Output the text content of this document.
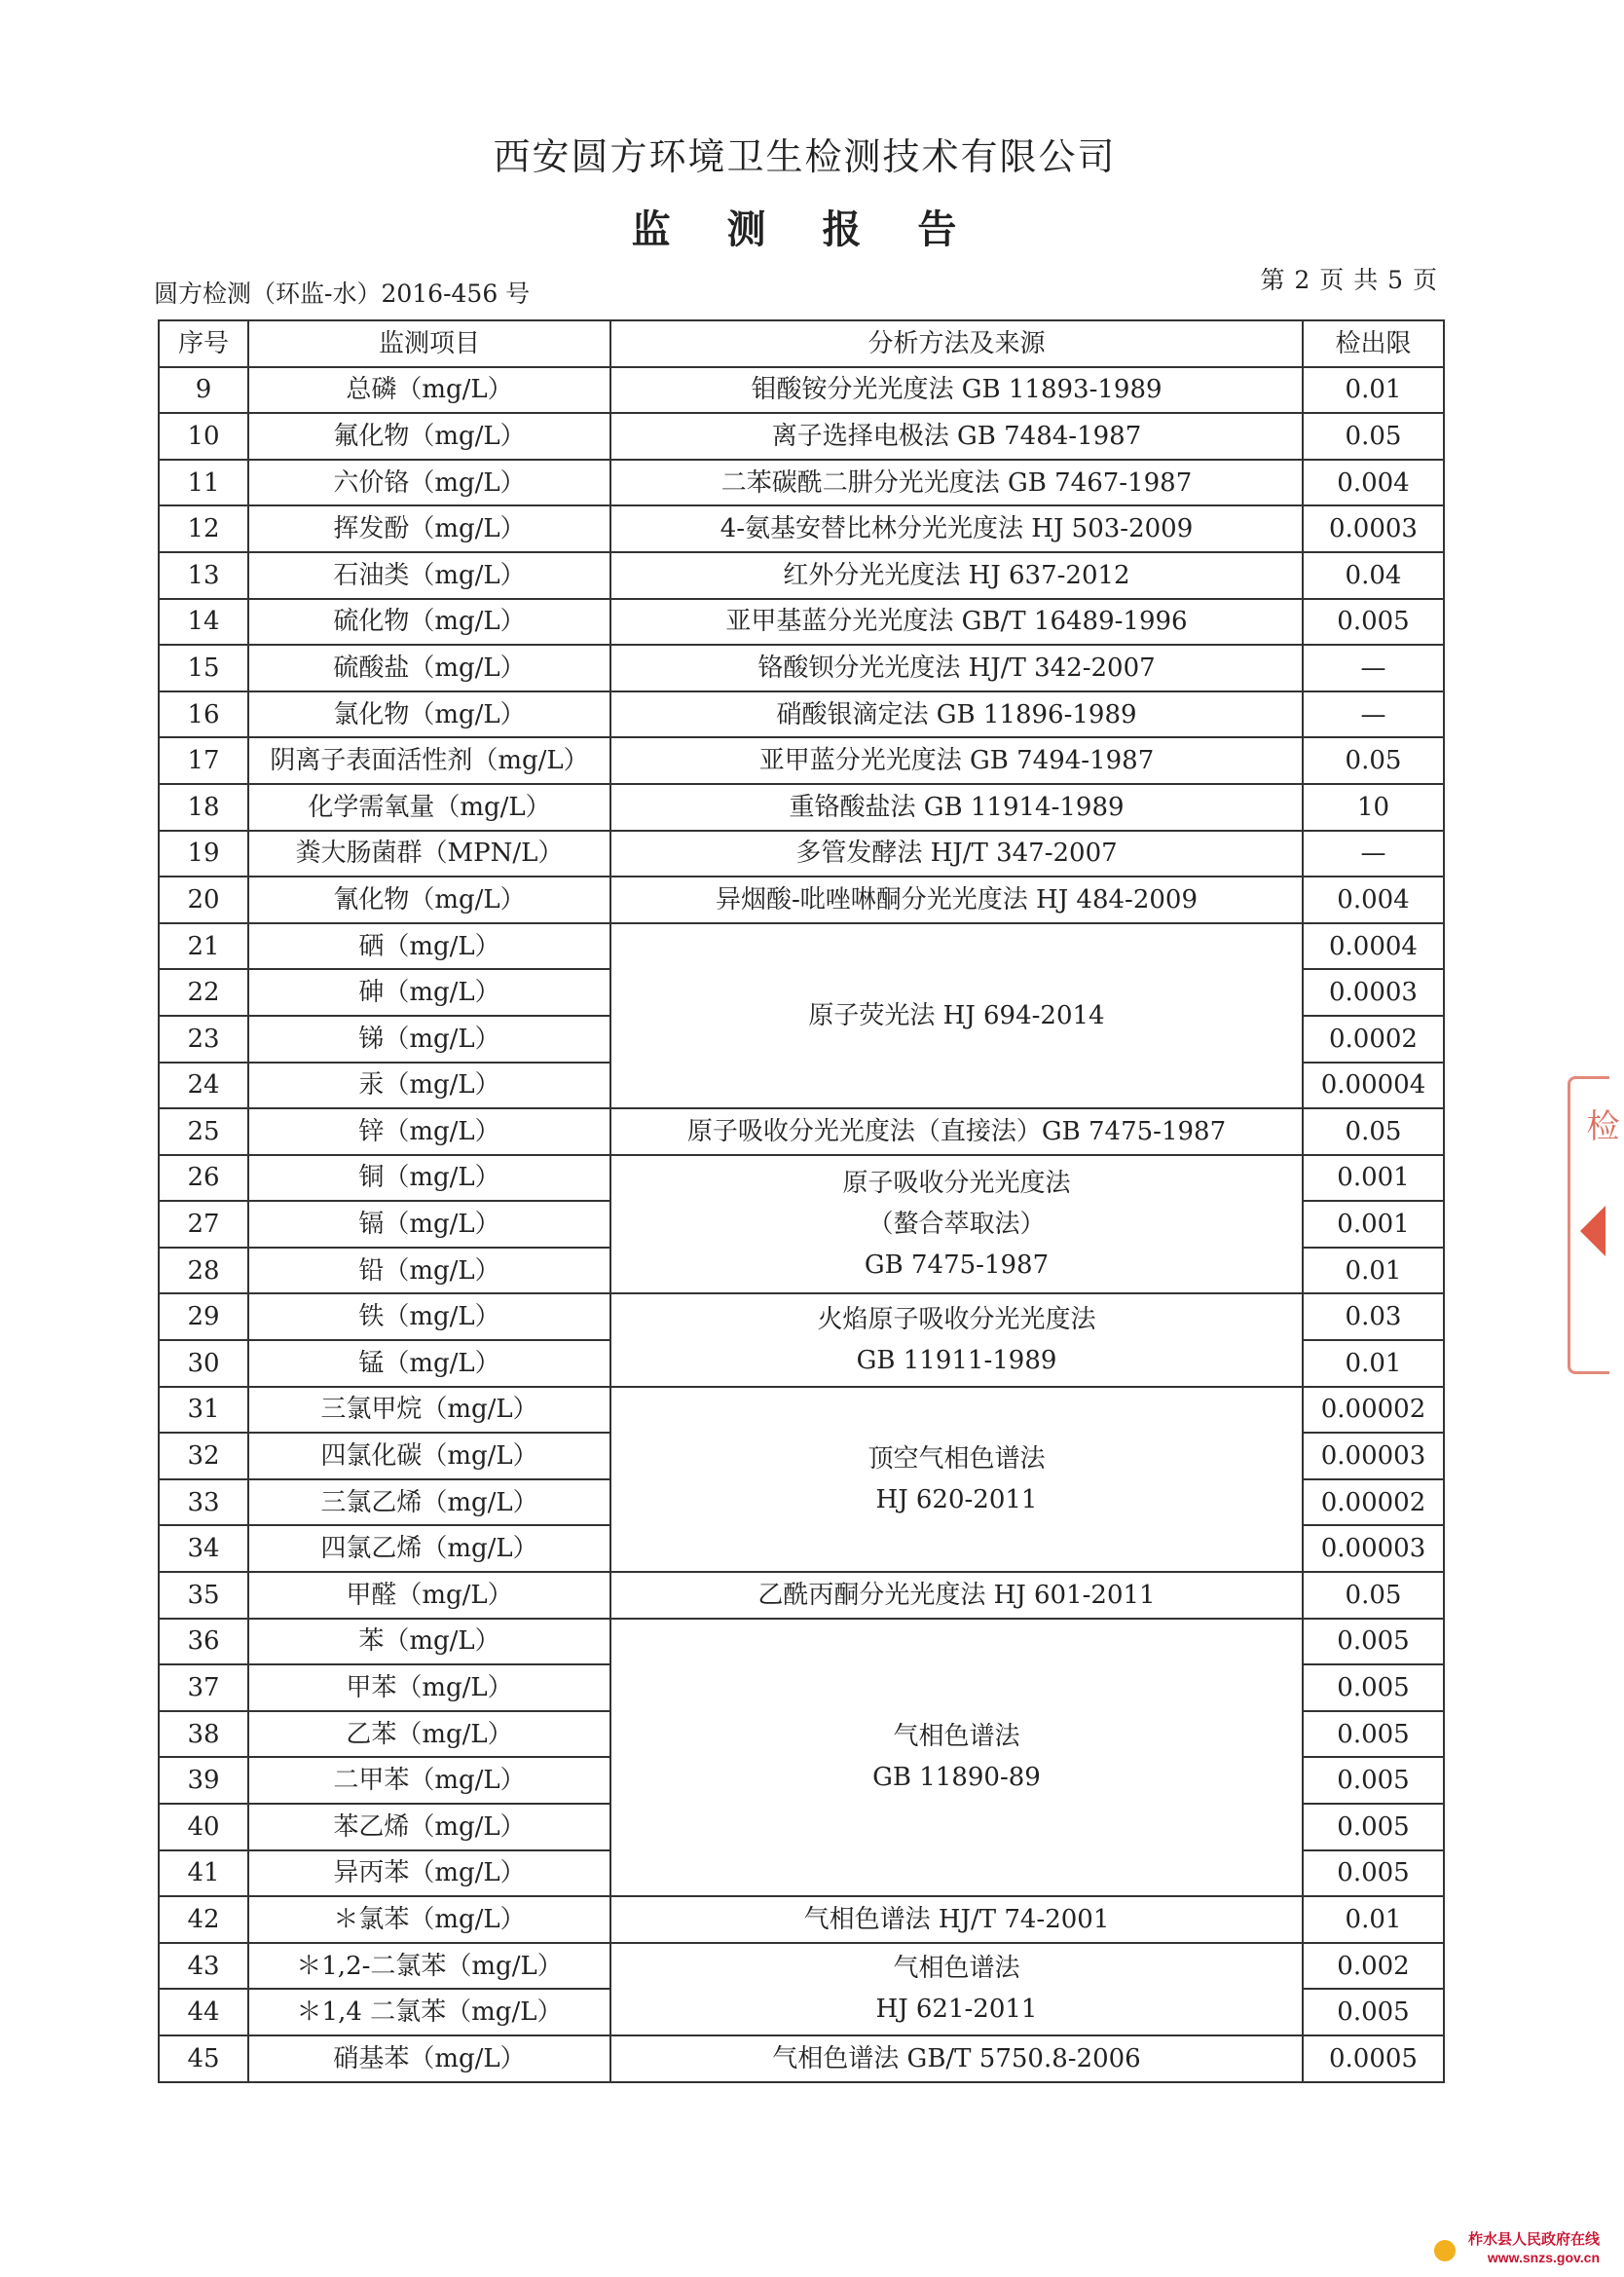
西安圆方环境卫生检测技术有限公司
监 测 报 告
圆方检测（环监-水）2016-456 号	第 2 页 共 5 页
序号	监测项目	分析方法及来源	检出限
9	总磷（mg/L）	钼酸铵分光光度法 GB 11893-1989	0.01
10	氟化物（mg/L）	离子选择电极法 GB 7484-1987	0.05
11	六价铬（mg/L）	二苯碳酰二肼分光光度法 GB 7467-1987	0.004
12	挥发酚（mg/L）	4-氨基安替比林分光光度法 HJ 503-2009	0.0003
13	石油类（mg/L）	红外分光光度法 HJ 637-2012	0.04
14	硫化物（mg/L）	亚甲基蓝分光光度法 GB/T 16489-1996	0.005
15	硫酸盐（mg/L）	铬酸钡分光光度法 HJ/T 342-2007	—
16	氯化物（mg/L）	硝酸银滴定法 GB 11896-1989	—
17	阴离子表面活性剂（mg/L）	亚甲蓝分光光度法 GB 7494-1987	0.05
18	化学需氧量（mg/L）	重铬酸盐法 GB 11914-1989	10
19	粪大肠菌群（MPN/L）	多管发酵法 HJ/T 347-2007	—
20	氰化物（mg/L）	异烟酸-吡唑啉酮分光光度法 HJ 484-2009	0.004
21	硒（mg/L）	原子荧光法 HJ 694-2014	0.0004
22	砷（mg/L）		0.0003
23	锑（mg/L）		0.0002
24	汞（mg/L）		0.00004
25	锌（mg/L）	原子吸收分光光度法（直接法）GB 7475-1987	0.05
26	铜（mg/L）	原子吸收分光光度法
（螯合萃取法）
GB 7475-1987	0.001
27	镉（mg/L）		0.001
28	铅（mg/L）		0.01
29	铁（mg/L）	火焰原子吸收分光光度法
GB 11911-1989	0.03
30	锰（mg/L）		0.01
31	三氯甲烷（mg/L）	顶空气相色谱法
HJ 620-2011	0.00002
32	四氯化碳（mg/L）		0.00003
33	三氯乙烯（mg/L）		0.00002
34	四氯乙烯（mg/L）		0.00003
35	甲醛（mg/L）	乙酰丙酮分光光度法 HJ 601-2011	0.05
36	苯（mg/L）	气相色谱法
GB 11890-89	0.005
37	甲苯（mg/L）		0.005
38	乙苯（mg/L）		0.005
39	二甲苯（mg/L）		0.005
40	苯乙烯（mg/L）		0.005
41	异丙苯（mg/L）		0.005
42	＊氯苯（mg/L）	气相色谱法 HJ/T 74-2001	0.01
43	＊1,2-二氯苯（mg/L）	气相色谱法
HJ 621-2011	0.002
44	＊1,4 二氯苯（mg/L）		0.005
45	硝基苯（mg/L）	气相色谱法 GB/T 5750.8-2006	0.0005
检
柞水县人民政府在线
www.snzs.gov.cn
